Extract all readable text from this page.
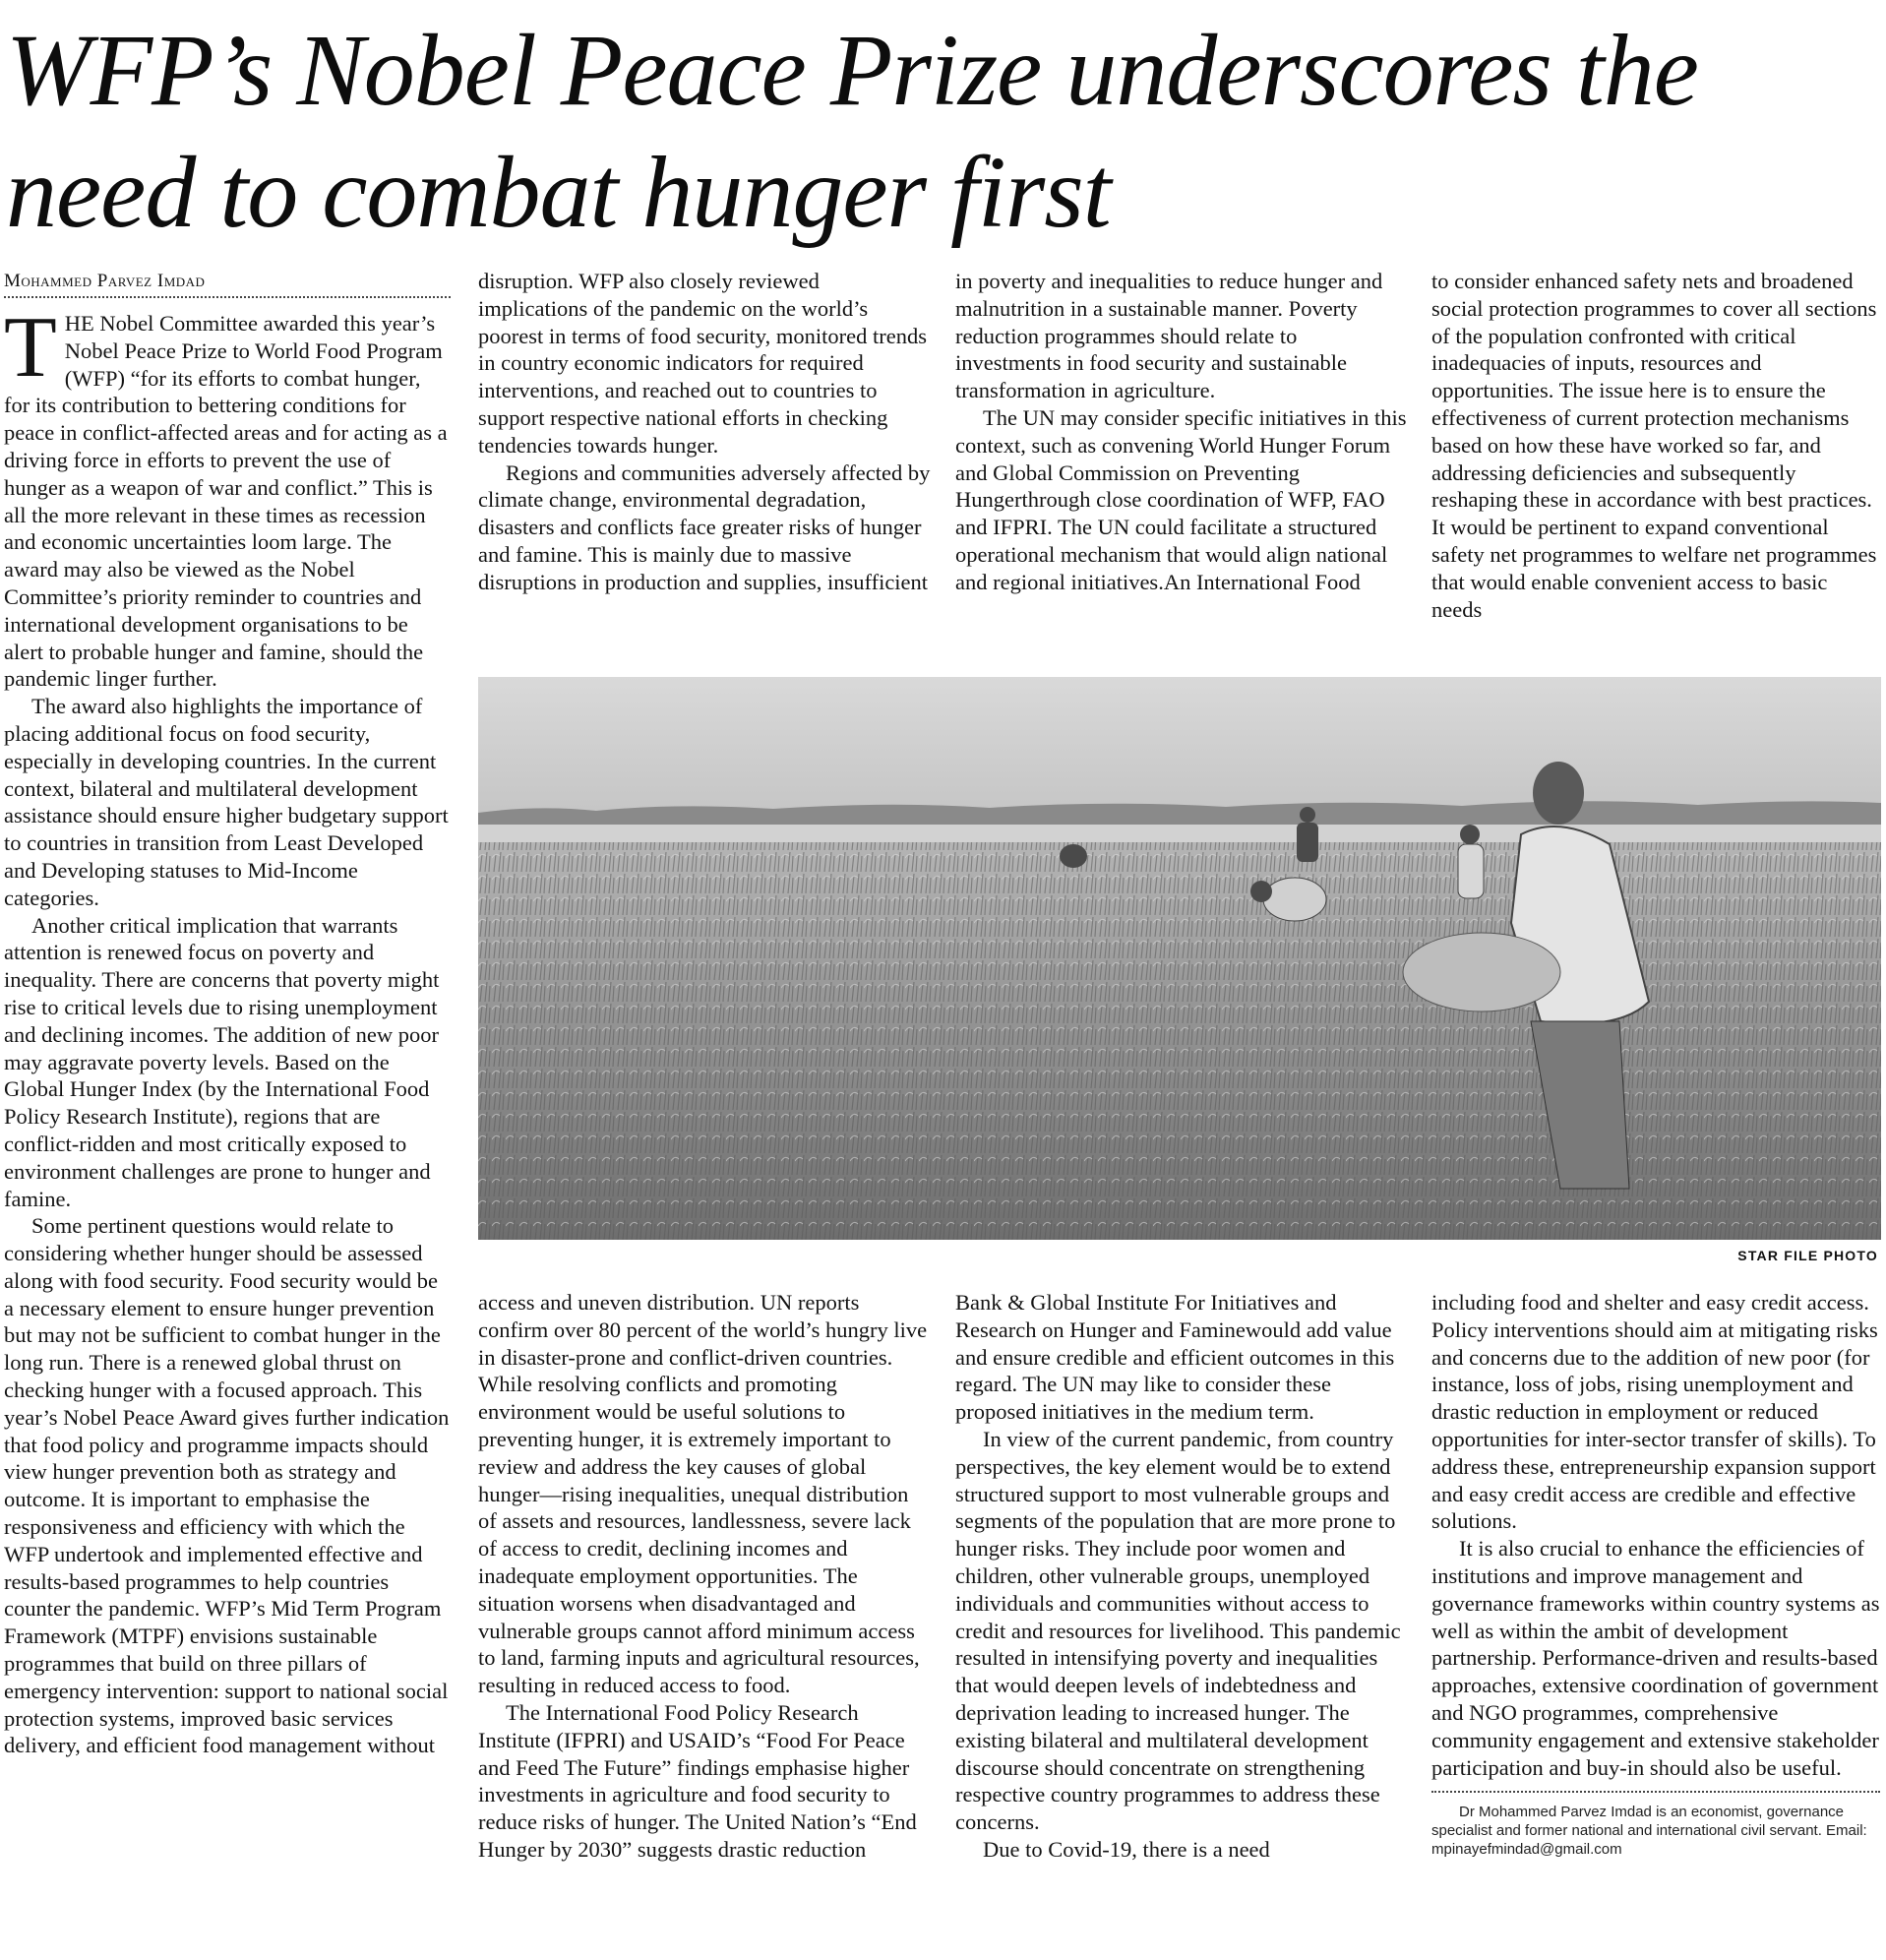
WFP’s Nobel Peace Prize underscores the need to combat hunger first
Mohammed Parvez Imdad

THE Nobel Committee awarded this year’s Nobel Peace Prize to World Food Program (WFP) “for its efforts to combat hunger, for its contribution to bettering conditions for peace in conflict-affected areas and for acting as a driving force in efforts to prevent the use of hunger as a weapon of war and conflict.” This is all the more relevant in these times as recession and economic uncertainties loom large. The award may also be viewed as the Nobel Committee’s priority reminder to countries and international development organisations to be alert to probable hunger and famine, should the pandemic linger further.

The award also highlights the importance of placing additional focus on food security, especially in developing countries. In the current context, bilateral and multilateral development assistance should ensure higher budgetary support to countries in transition from Least Developed and Developing statuses to Mid-Income categories.

Another critical implication that warrants attention is renewed focus on poverty and inequality. There are concerns that poverty might rise to critical levels due to rising unemployment and declining incomes. The addition of new poor may aggravate poverty levels. Based on the Global Hunger Index (by the International Food Policy Research Institute), regions that are conflict-ridden and most critically exposed to environment challenges are prone to hunger and famine.

Some pertinent questions would relate to considering whether hunger should be assessed along with food security. Food security would be a necessary element to ensure hunger prevention but may not be sufficient to combat hunger in the long run. There is a renewed global thrust on checking hunger with a focused approach. This year’s Nobel Peace Award gives further indication that food policy and programme impacts should view hunger prevention both as strategy and outcome. It is important to emphasise the responsiveness and efficiency with which the WFP undertook and implemented effective and results-based programmes to help countries counter the pandemic. WFP’s Mid Term Program Framework (MTPF) envisions sustainable programmes that build on three pillars of emergency intervention: support to national social protection systems, improved basic services delivery, and efficient food management without

disruption. WFP also closely reviewed implications of the pandemic on the world’s poorest in terms of food security, monitored trends in country economic indicators for required interventions, and reached out to countries to support respective national efforts in checking tendencies towards hunger.

Regions and communities adversely affected by climate change, environmental degradation, disasters and conflicts face greater risks of hunger and famine. This is mainly due to massive disruptions in production and supplies, insufficient

in poverty and inequalities to reduce hunger and malnutrition in a sustainable manner. Poverty reduction programmes should relate to investments in food security and sustainable transformation in agriculture.

The UN may consider specific initiatives in this context, such as convening World Hunger Forum and Global Commission on Preventing Hungerthrough close coordination of WFP, FAO and IFPRI. The UN could facilitate a structured operational mechanism that would align national and regional initiatives.An International Food

to consider enhanced safety nets and broadened social protection programmes to cover all sections of the population confronted with critical inadequacies of inputs, resources and opportunities. The issue here is to ensure the effectiveness of current protection mechanisms based on how these have worked so far, and addressing deficiencies and subsequently reshaping these in accordance with best practices. It would be pertinent to expand conventional safety net programmes to welfare net programmes that would enable convenient access to basic needs

STAR FILE PHOTO

access and uneven distribution. UN reports confirm over 80 percent of the world’s hungry live in disaster-prone and conflict-driven countries. While resolving conflicts and promoting environment would be useful solutions to preventing hunger, it is extremely important to review and address the key causes of global hunger—rising inequalities, unequal distribution of assets and resources, landlessness, severe lack of access to credit, declining incomes and inadequate employment opportunities. The situation worsens when disadvantaged and vulnerable groups cannot afford minimum access to land, farming inputs and agricultural resources, resulting in reduced access to food.

The International Food Policy Research Institute (IFPRI) and USAID’s “Food For Peace and Feed The Future” findings emphasise higher investments in agriculture and food security to reduce risks of hunger. The United Nation’s “End Hunger by 2030” suggests drastic reduction

Bank & Global Institute For Initiatives and Research on Hunger and Faminewould add value and ensure credible and efficient outcomes in this regard. The UN may like to consider these proposed initiatives in the medium term.

In view of the current pandemic, from country perspectives, the key element would be to extend structured support to most vulnerable groups and segments of the population that are more prone to hunger risks. They include poor women and children, other vulnerable groups, unemployed individuals and communities without access to credit and resources for livelihood. This pandemic resulted in intensifying poverty and inequalities that would deepen levels of indebtedness and deprivation leading to increased hunger. The existing bilateral and multilateral development discourse should concentrate on strengthening respective country programmes to address these concerns.

Due to Covid-19, there is a need

including food and shelter and easy credit access. Policy interventions should aim at mitigating risks and concerns due to the addition of new poor (for instance, loss of jobs, rising unemployment and drastic reduction in employment or reduced opportunities for inter-sector transfer of skills). To address these, entrepreneurship expansion support and easy credit access are credible and effective solutions.

It is also crucial to enhance the efficiencies of institutions and improve management and governance frameworks within country systems as well as within the ambit of development partnership. Performance-driven and results-based approaches, extensive coordination of government and NGO programmes, comprehensive community engagement and extensive stakeholder participation and buy-in should also be useful.

Dr Mohammed Parvez Imdad is an economist, governance specialist and former national and international civil servant. Email: mpinayefmindad@gmail.com
